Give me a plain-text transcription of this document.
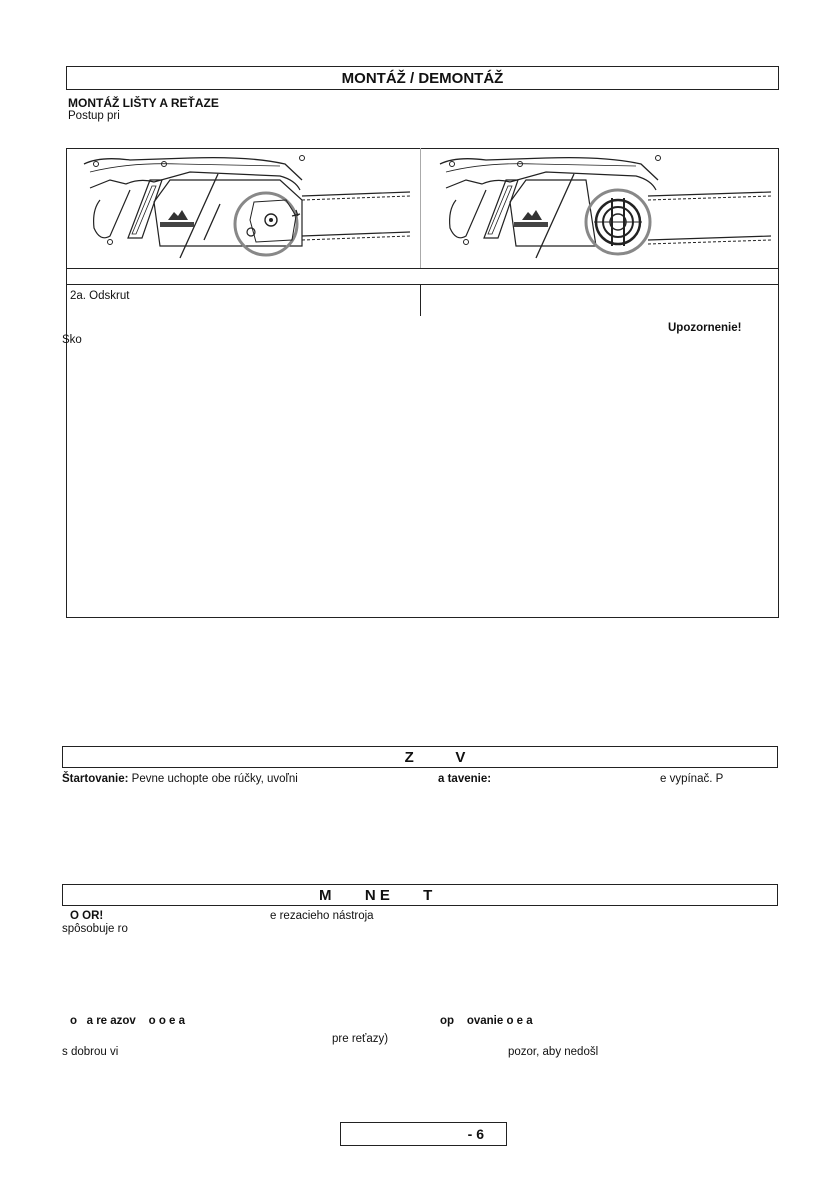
MONTÁŽ / DEMONTÁŽ
MONTÁŽ LIŠTY A REŤAZE
Postup pri
2a. Odskrut
Upozornenie!
Sko
Z          V
Štartovanie: Pevne uchopte obe rúčky, uvoľni	a tavenie:	e vypínač. P
M        N E        T
O OR!	e rezacieho nástroja
spôsobuje ro
o   a re azov    o o e a	op    ovanie o e a
pre reťazy)
s dobrou vi	pozor, aby nedošl
- 6
